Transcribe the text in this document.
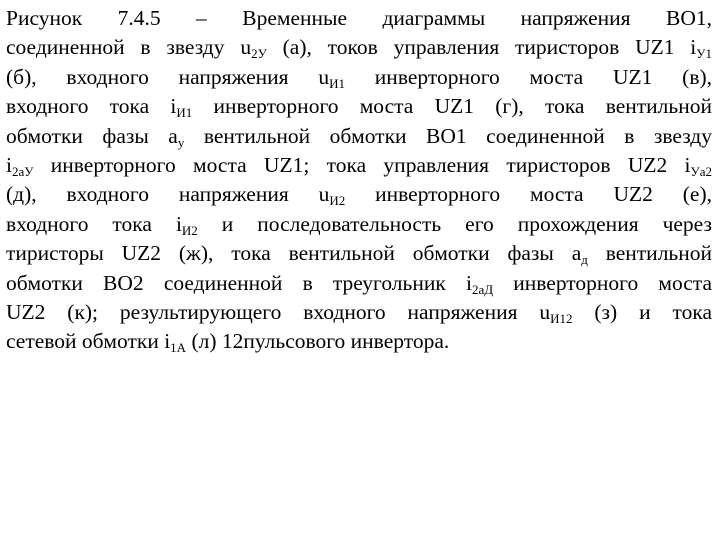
Рисунок 7.4.5 – Временные диаграммы напряжения ВО1,
соединенной в звезду $u_{2У}$ (а), токов управления тиристоров UZ1 $i_{У1}$
(б), входного напряжения $u_{И1}$ инверторного моста UZ1 (в),
входного тока $i_{И1}$ инверторного моста UZ1 (г), тока вентильной
обмотки фазы $а_у$ вентильной обмотки ВО1 соединенной в звезду
$i_{2аУ}$ инверторного моста UZ1; тока управления тиристоров UZ2 $i_{Уа2}$
(д), входного напряжения $u_{И2}$ инверторного моста UZ2 (е),
входного тока $i_{И2}$ и последовательность его прохождения через
тиристоры UZ2 (ж), тока вентильной обмотки фазы $а_д$ вентильной
обмотки ВО2 соединенной в треугольник $i_{2аД}$ инверторного моста
UZ2 (к); результирующего входного напряжения $u_{И12}$ (з) и тока
сетевой обмотки $i_{1А}$ (л) 12пульсового инвертора.
